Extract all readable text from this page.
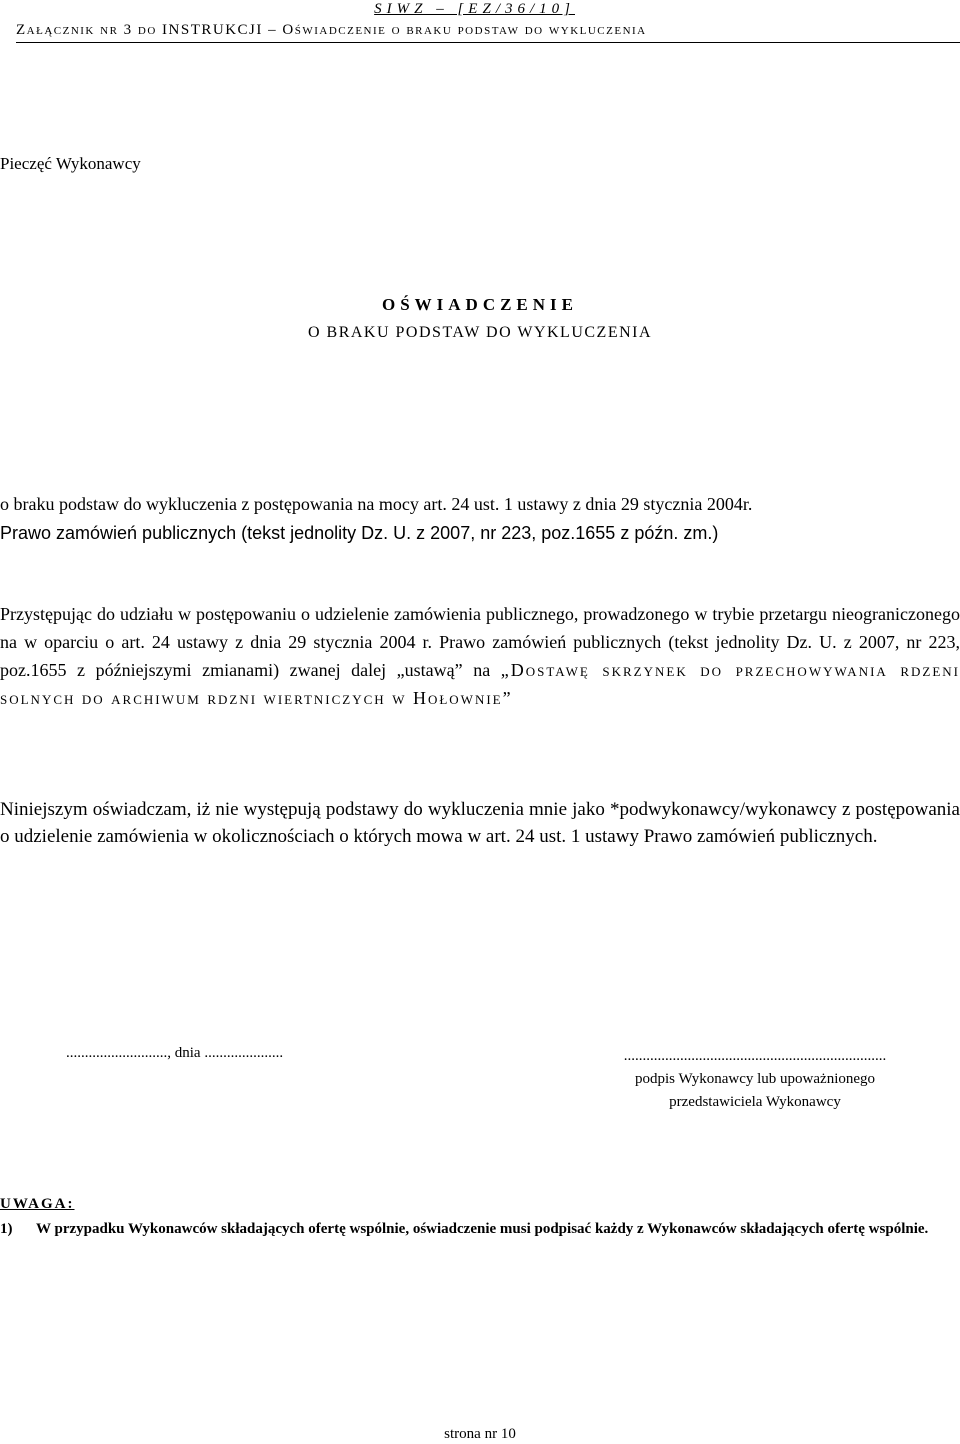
SIWZ – [EZ/36/10]
Załącznik nr 3 do INSTRUKCJI – Oświadczenie o braku podstaw do wykluczenia
Pieczęć Wykonawcy
OŚWIADCZENIE
O BRAKU PODSTAW DO WYKLUCZENIA
o braku podstaw do wykluczenia z postępowania na mocy art. 24 ust. 1 ustawy z dnia 29 stycznia 2004r.
Prawo zamówień publicznych (tekst jednolity Dz. U. z 2007, nr 223, poz.1655 z późn. zm.)
Przystępując do udziału w postępowaniu o udzielenie zamówienia publicznego, prowadzonego w trybie przetargu nieograniczonego na w oparciu o art. 24 ustawy z dnia 29 stycznia 2004 r. Prawo zamówień publicznych (tekst jednolity Dz. U. z 2007, nr 223, poz.1655 z późniejszymi zmianami) zwanej dalej „ustawą” na „Dostawę skrzynek do przechowywania rdzeni solnych do archiwum rdzni wiertniczych w Hołownie”
Niniejszym oświadczam, iż nie występują podstawy do wykluczenia mnie jako *podwykonawcy/wykonawcy z postępowania o udzielenie zamówienia w okolicznościach o których mowa w art. 24 ust. 1 ustawy Prawo zamówień publicznych.
..........................., dnia .....................	......................................................................
podpis Wykonawcy lub upoważnionego
przedstawiciela Wykonawcy
UWAGA:
1) W przypadku Wykonawców składających ofertę wspólnie, oświadczenie musi podpisać każdy z Wykonawców składających ofertę wspólnie.
strona nr 10
